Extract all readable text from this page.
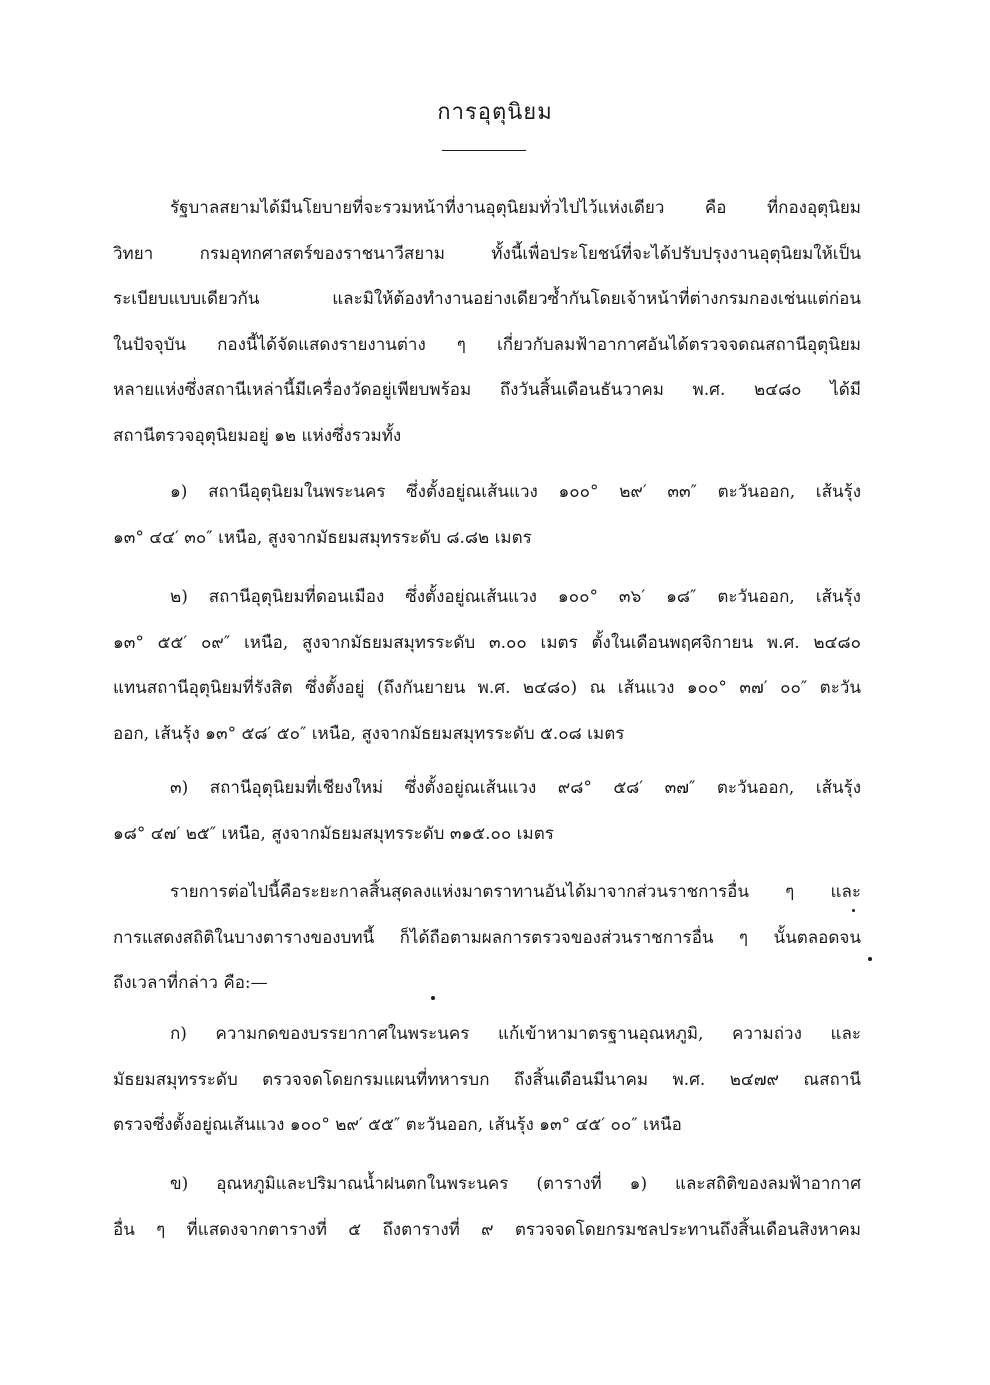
การอุตุนิยม
รัฐบาลสยามได้มีนโยบายที่จะรวมหน้าที่งานอุตุนิยมทั่วไปไว้แห่งเดียว คือ ที่กองอุตุนิยม
วิทยา กรมอุทกศาสตร์ของราชนาวีสยาม ทั้งนี้เพื่อประโยชน์ที่จะได้ปรับปรุงงานอุตุนิยมให้เป็น
ระเบียบแบบเดียวกัน และมิให้ต้องทำงานอย่างเดียวซ้ำกันโดยเจ้าหน้าที่ต่างกรมกองเช่นแต่ก่อน
ในปัจจุบัน กองนี้ได้จัดแสดงรายงานต่าง ๆ เกี่ยวกับลมฟ้าอากาศอันได้ตรวจจดณสถานีอุตุนิยม
หลายแห่งซึ่งสถานีเหล่านี้มีเครื่องวัดอยู่เพียบพร้อม ถึงวันสิ้นเดือนธันวาคม พ.ศ. ๒๔๘๐ ได้มี
สถานีตรวจอุตุนิยมอยู่ ๑๒ แห่งซึ่งรวมทั้ง
๑) สถานีอุตุนิยมในพระนคร ซึ่งตั้งอยู่ณเส้นแวง ๑๐๐° ๒๙′ ๓๓″ ตะวันออก, เส้นรุ้ง
๑๓° ๔๔′ ๓๐″ เหนือ, สูงจากมัธยมสมุทรระดับ ๘.๘๒ เมตร
๒) สถานีอุตุนิยมที่ดอนเมือง ซึ่งตั้งอยู่ณเส้นแวง ๑๐๐° ๓๖′ ๑๘″ ตะวันออก, เส้นรุ้ง
๑๓° ๕๕′ ๐๙″ เหนือ, สูงจากมัธยมสมุทรระดับ ๓.๐๐ เมตร ตั้งในเดือนพฤศจิกายน พ.ศ. ๒๔๘๐
แทนสถานีอุตุนิยมที่รังสิต ซึ่งตั้งอยู่ (ถึงกันยายน พ.ศ. ๒๔๘๐) ณ เส้นแวง ๑๐๐° ๓๗′ ๐๐″ ตะวัน
ออก, เส้นรุ้ง ๑๓° ๕๘′ ๕๐″ เหนือ, สูงจากมัธยมสมุทรระดับ ๕.๐๘ เมตร
๓) สถานีอุตุนิยมที่เชียงใหม่ ซึ่งตั้งอยู่ณเส้นแวง ๙๘° ๕๘′ ๓๗″ ตะวันออก, เส้นรุ้ง
๑๘° ๔๗′ ๒๕″ เหนือ, สูงจากมัธยมสมุทรระดับ ๓๑๕.๐๐ เมตร
รายการต่อไปนี้คือระยะกาลสิ้นสุดลงแห่งมาตราทานอันได้มาจากส่วนราชการอื่น ๆ และ
การแสดงสถิติในบางตารางของบทนี้ ก็ได้ถือตามผลการตรวจของส่วนราชการอื่น ๆ นั้นตลอดจน
ถึงเวลาที่กล่าว คือ:—
ก) ความกดของบรรยากาศในพระนคร แก้เข้าหามาตรฐานอุณหภูมิ, ความถ่วง และ
มัธยมสมุทรระดับ ตรวจจดโดยกรมแผนที่ทหารบก ถึงสิ้นเดือนมีนาคม พ.ศ. ๒๔๗๙ ณสถานี
ตรวจซึ่งตั้งอยู่ณเส้นแวง ๑๐๐° ๒๙′ ๕๕″ ตะวันออก, เส้นรุ้ง ๑๓° ๔๕′ ๐๐″ เหนือ
ข) อุณหภูมิและปริมาณน้ำฝนตกในพระนคร (ตารางที่ ๑) และสถิติของลมฟ้าอากาศ
อื่น ๆ ที่แสดงจากตารางที่ ๕ ถึงตารางที่ ๙ ตรวจจดโดยกรมชลประทานถึงสิ้นเดือนสิงหาคม
